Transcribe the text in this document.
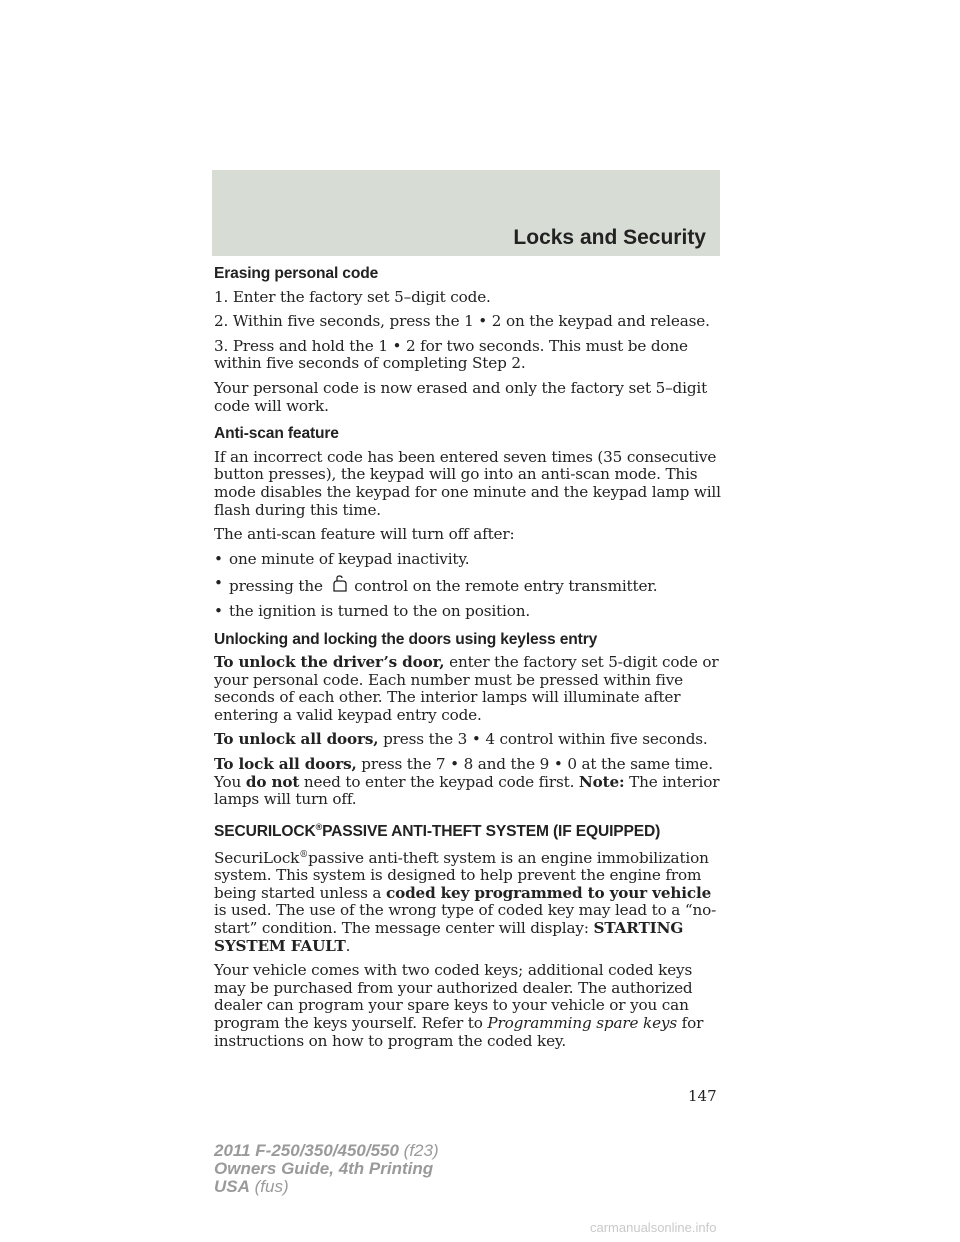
Locks and Security
Erasing personal code

1. Enter the factory set 5–digit code.

2. Within five seconds, press the 1 • 2 on the keypad and release.

3. Press and hold the 1 • 2 for two seconds. This must be done within five seconds of completing Step 2.

Your personal code is now erased and only the factory set 5–digit code will work.

Anti-scan feature

If an incorrect code has been entered seven times (35 consecutive button presses), the keypad will go into an anti-scan mode. This mode disables the keypad for one minute and the keypad lamp will flash during this time.

The anti-scan feature will turn off after:

• one minute of keypad inactivity.
• pressing the control on the remote entry transmitter.
• the ignition is turned to the on position.
Unlocking and locking the doors using keyless entry

To unlock the driver’s door, enter the factory set 5-digit code or your personal code. Each number must be pressed within five seconds of each other. The interior lamps will illuminate after entering a valid keypad entry code.

To unlock all doors, press the 3 • 4 control within five seconds.

To lock all doors, press the 7 • 8 and the 9 • 0 at the same time. You do not need to enter the keypad code first. Note: The interior lamps will turn off.

SECURILOCK®PASSIVE ANTI-THEFT SYSTEM (IF EQUIPPED)

SecuriLock®passive anti-theft system is an engine immobilization system. This system is designed to help prevent the engine from being started unless a coded key programmed to your vehicle is used. The use of the wrong type of coded key may lead to a “no-start” condition. The message center will display: STARTING SYSTEM FAULT.

Your vehicle comes with two coded keys; additional coded keys may be purchased from your authorized dealer. The authorized dealer can program your spare keys to your vehicle or you can program the keys yourself. Refer to Programming spare keys for instructions on how to program the coded key.

147
2011 F-250/350/450/550 (f23)
Owners Guide, 4th Printing
USA (fus)
carmanualsonline.info
